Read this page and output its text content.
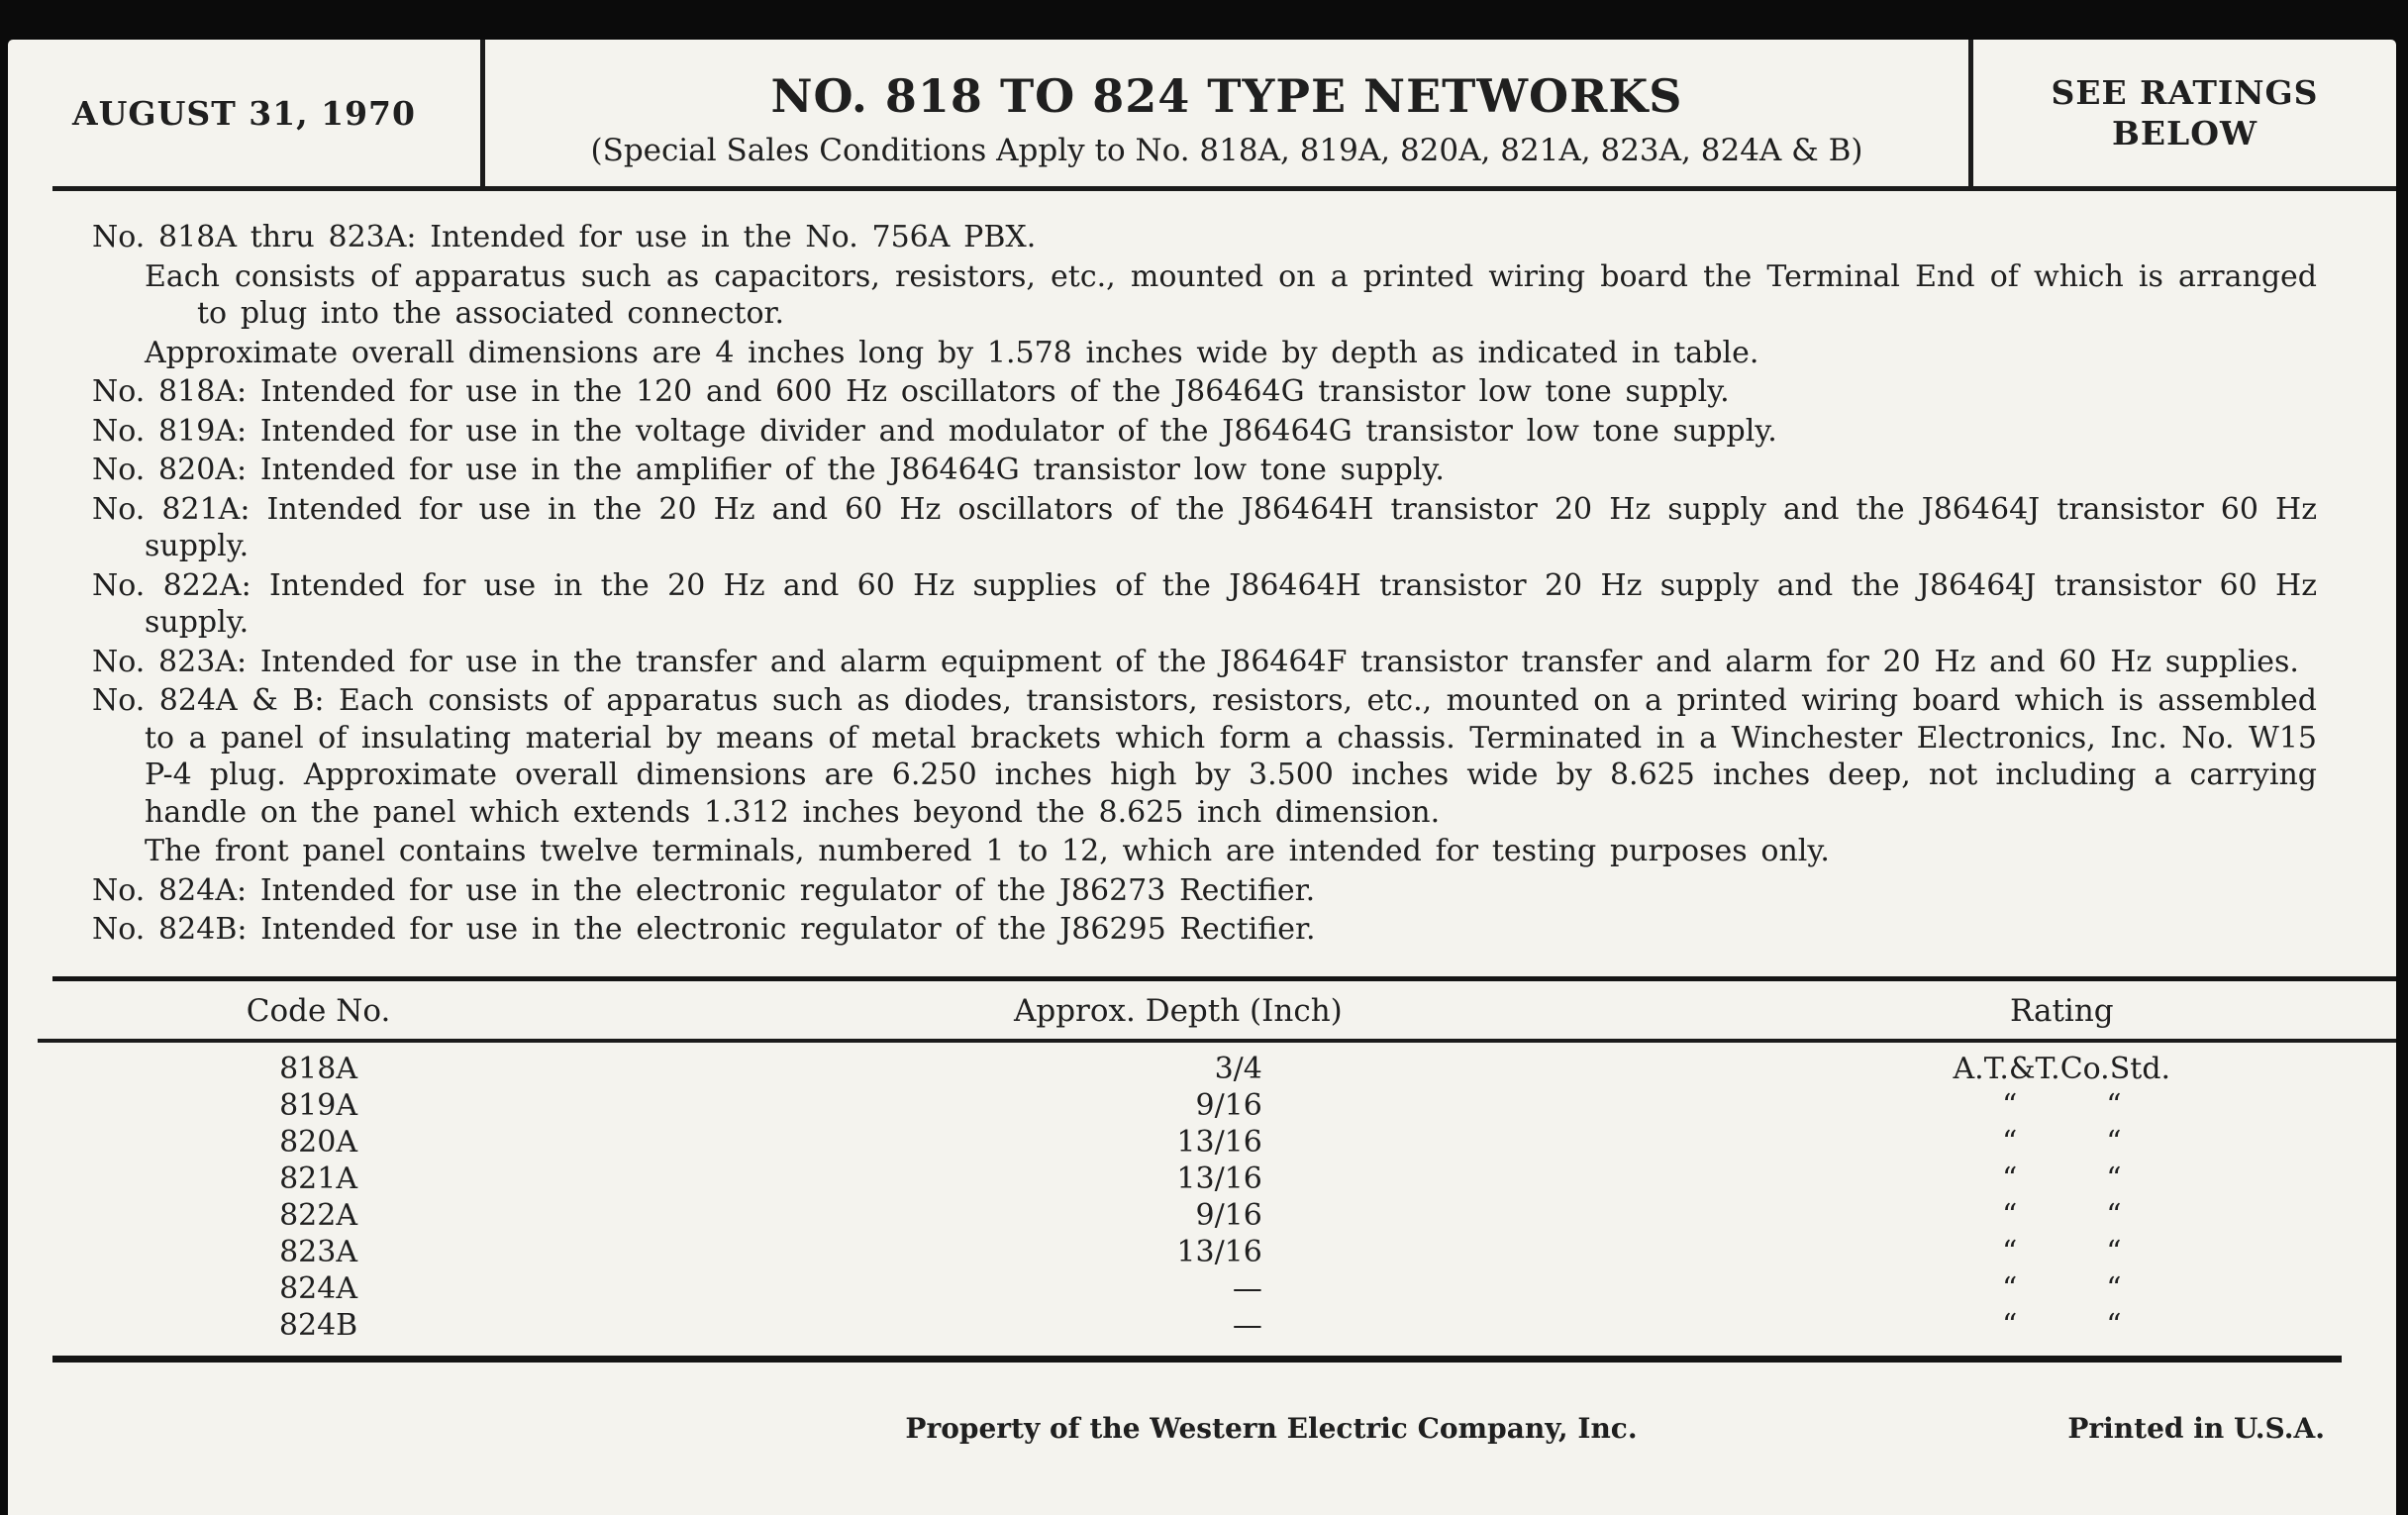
AUGUST 31, 1970	NO. 818 TO 824 TYPE NETWORKS
(Special Sales Conditions Apply to No. 818A, 819A, 820A, 821A, 823A, 824A & B)
SEE RATINGS
BELOW
No. 818A thru 823A: Intended for use in the No. 756A PBX.
Each consists of apparatus such as capacitors, resistors, etc., mounted on a printed wiring board the Terminal End of which is arranged to plug into the associated connector.
Approximate overall dimensions are 4 inches long by 1.578 inches wide by depth as indicated in table.
No. 818A: Intended for use in the 120 and 600 Hz oscillators of the J86464G transistor low tone supply.
No. 819A: Intended for use in the voltage divider and modulator of the J86464G transistor low tone supply.
No. 820A: Intended for use in the amplifier of the J86464G transistor low tone supply.
No. 821A: Intended for use in the 20 Hz and 60 Hz oscillators of the J86464H transistor 20 Hz supply and the J86464J transistor 60 Hz supply.
No. 822A: Intended for use in the 20 Hz and 60 Hz supplies of the J86464H transistor 20 Hz supply and the J86464J transistor 60 Hz supply.
No. 823A: Intended for use in the transfer and alarm equipment of the J86464F transistor transfer and alarm for 20 Hz and 60 Hz supplies.
No. 824A & B: Each consists of apparatus such as diodes, transistors, resistors, etc., mounted on a printed wiring board which is assembled to a panel of insulating material by means of metal brackets which form a chassis. Terminated in a Winchester Electronics, Inc. No. W15 P-4 plug. Approximate overall dimensions are 6.250 inches high by 3.500 inches wide by 8.625 inches deep, not including a carrying handle on the panel which extends 1.312 inches beyond the 8.625 inch dimension.
The front panel contains twelve terminals, numbered 1 to 12, which are intended for testing purposes only.
No. 824A: Intended for use in the electronic regulator of the J86273 Rectifier.
No. 824B: Intended for use in the electronic regulator of the J86295 Rectifier.
Code No.	Approx. Depth (Inch)	Rating
818A	3/4	A.T.&T.Co.Std.
819A	9/16	“   “
820A	13/16	“   “
821A	13/16	“   “
822A	9/16	“   “
823A	13/16	“   “
824A	—	“   “
824B	—	“   “
Property of the Western Electric Company, Inc.	Printed in U.S.A.
